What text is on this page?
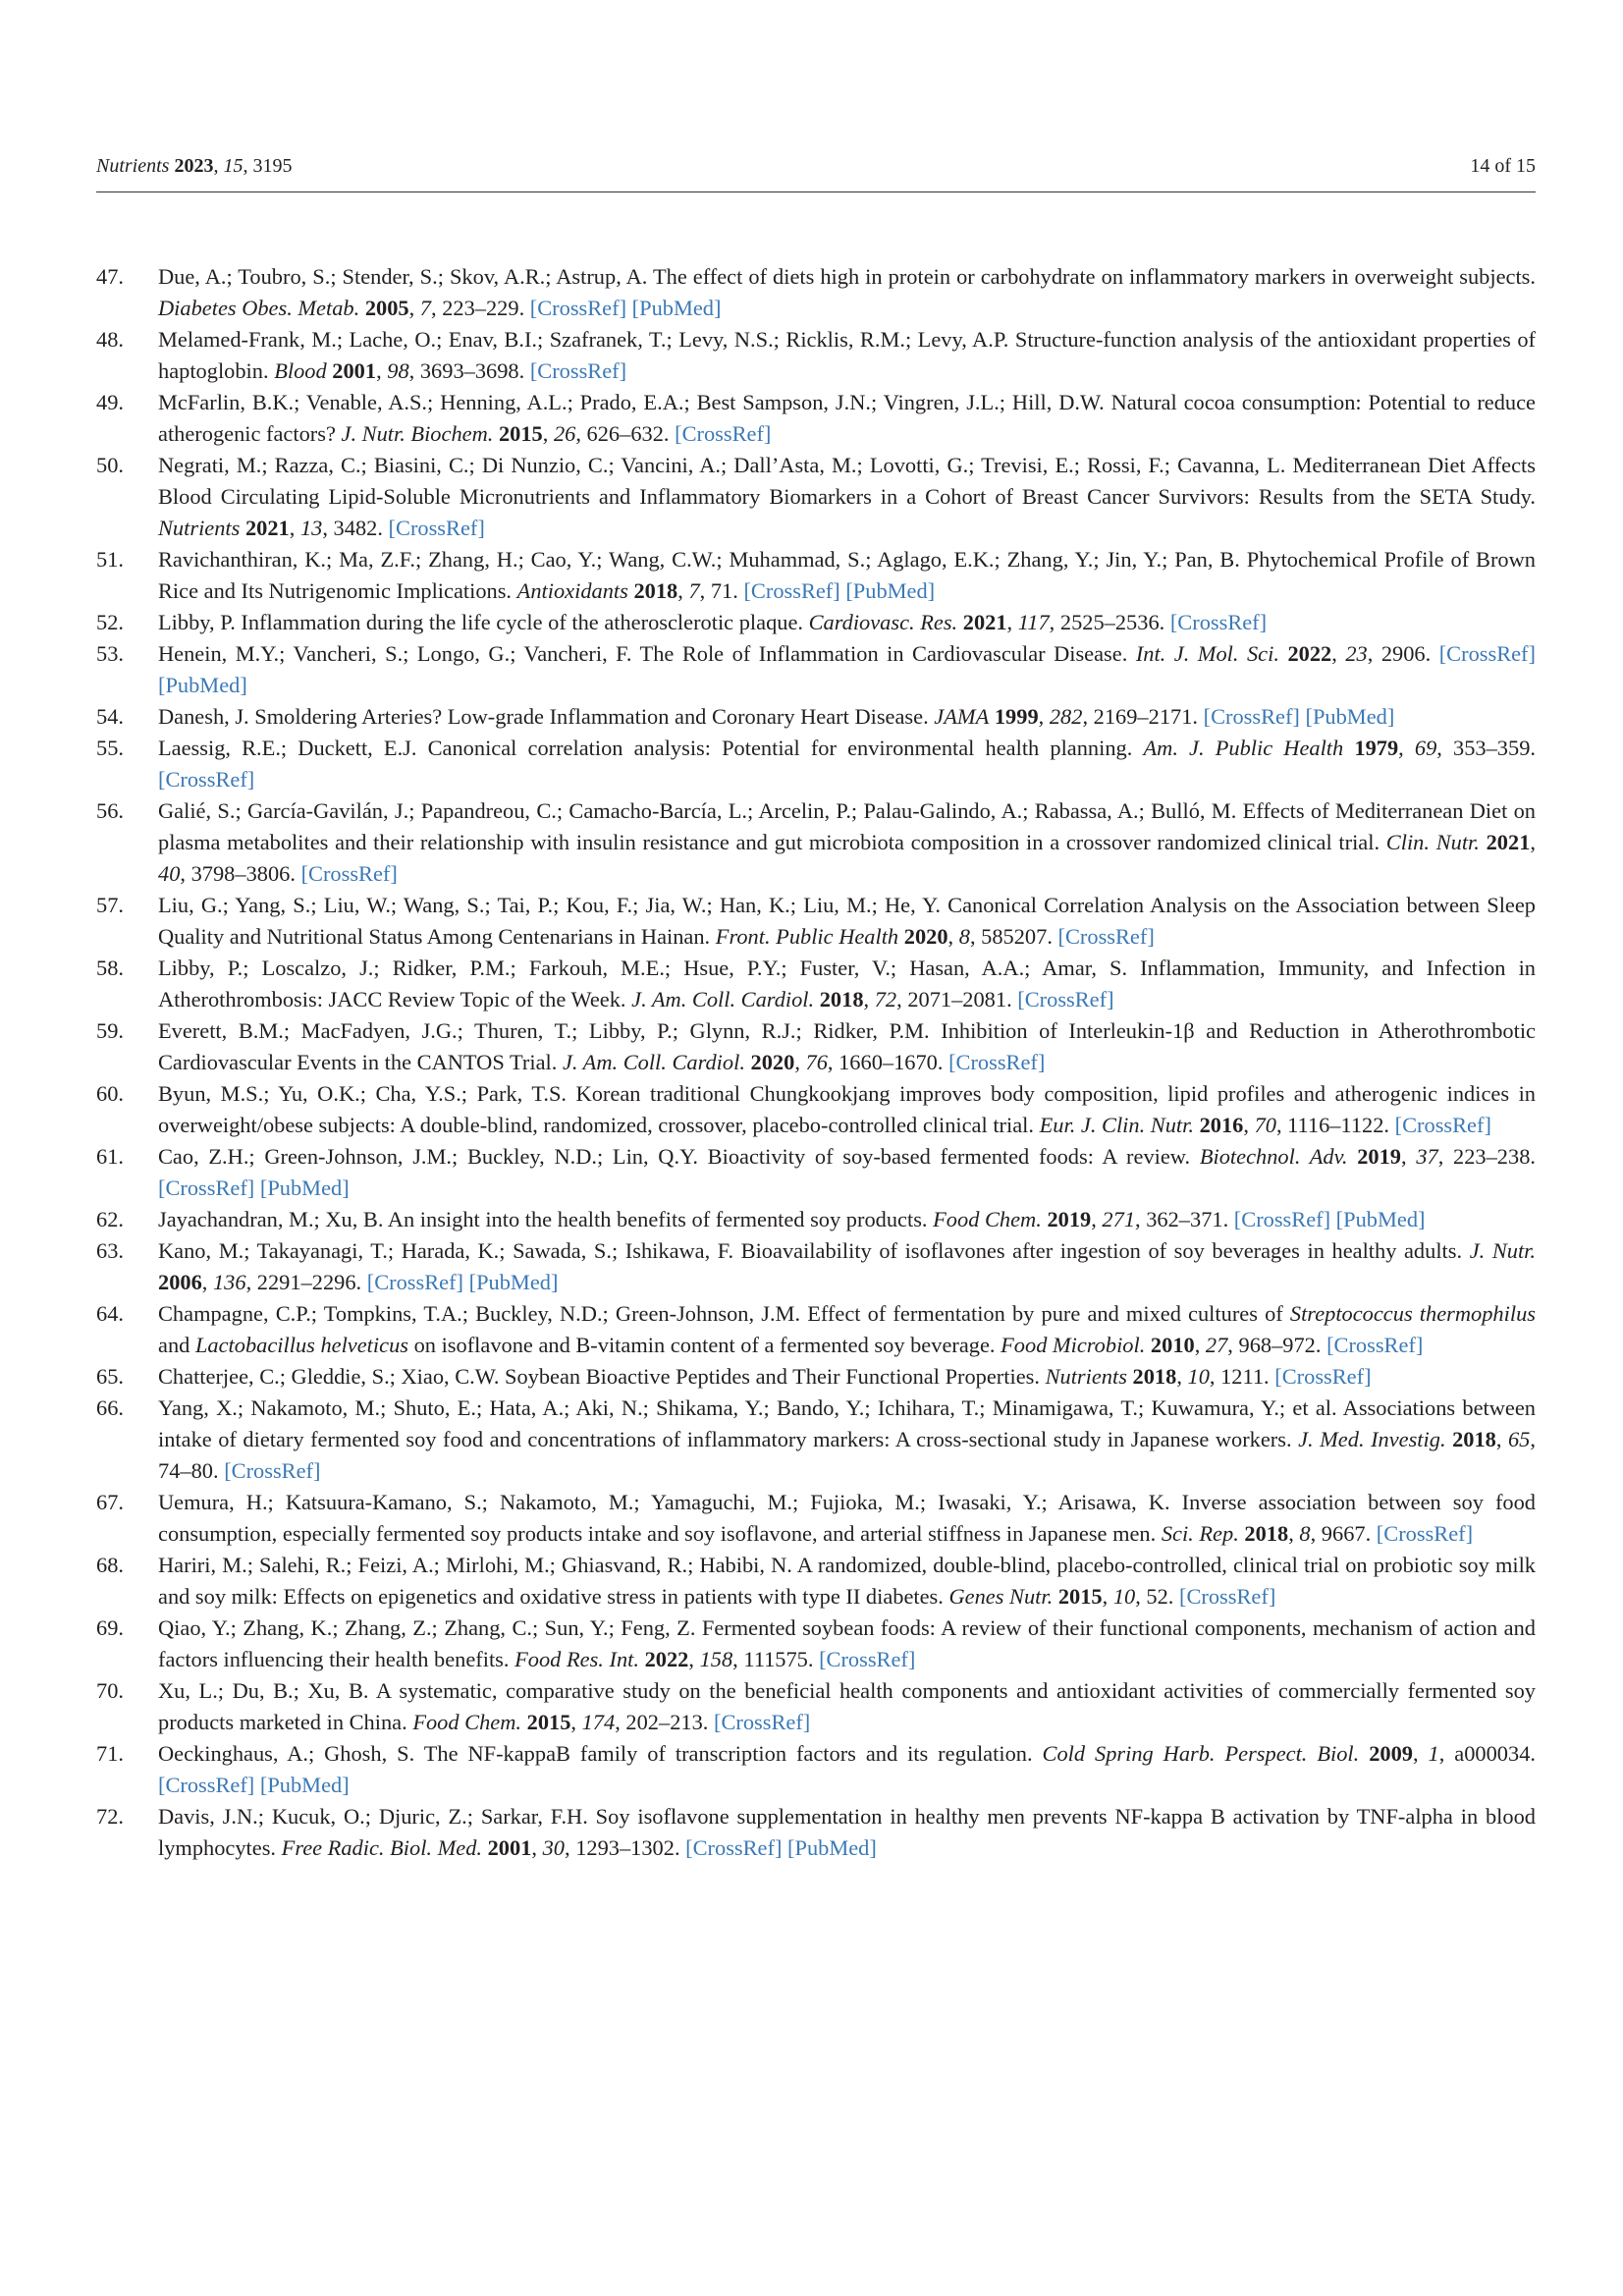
Nutrients 2023, 15, 3195	14 of 15
47. Due, A.; Toubro, S.; Stender, S.; Skov, A.R.; Astrup, A. The effect of diets high in protein or carbohydrate on inflammatory markers in overweight subjects. Diabetes Obes. Metab. 2005, 7, 223–229. [CrossRef] [PubMed]
48. Melamed-Frank, M.; Lache, O.; Enav, B.I.; Szafranek, T.; Levy, N.S.; Ricklis, R.M.; Levy, A.P. Structure-function analysis of the antioxidant properties of haptoglobin. Blood 2001, 98, 3693–3698. [CrossRef]
49. McFarlin, B.K.; Venable, A.S.; Henning, A.L.; Prado, E.A.; Best Sampson, J.N.; Vingren, J.L.; Hill, D.W. Natural cocoa consumption: Potential to reduce atherogenic factors? J. Nutr. Biochem. 2015, 26, 626–632. [CrossRef]
50. Negrati, M.; Razza, C.; Biasini, C.; Di Nunzio, C.; Vancini, A.; Dall’Asta, M.; Lovotti, G.; Trevisi, E.; Rossi, F.; Cavanna, L. Mediterranean Diet Affects Blood Circulating Lipid-Soluble Micronutrients and Inflammatory Biomarkers in a Cohort of Breast Cancer Survivors: Results from the SETA Study. Nutrients 2021, 13, 3482. [CrossRef]
51. Ravichanthiran, K.; Ma, Z.F.; Zhang, H.; Cao, Y.; Wang, C.W.; Muhammad, S.; Aglago, E.K.; Zhang, Y.; Jin, Y.; Pan, B. Phytochemical Profile of Brown Rice and Its Nutrigenomic Implications. Antioxidants 2018, 7, 71. [CrossRef] [PubMed]
52. Libby, P. Inflammation during the life cycle of the atherosclerotic plaque. Cardiovasc. Res. 2021, 117, 2525–2536. [CrossRef]
53. Henein, M.Y.; Vancheri, S.; Longo, G.; Vancheri, F. The Role of Inflammation in Cardiovascular Disease. Int. J. Mol. Sci. 2022, 23, 2906. [CrossRef] [PubMed]
54. Danesh, J. Smoldering Arteries? Low-grade Inflammation and Coronary Heart Disease. JAMA 1999, 282, 2169–2171. [CrossRef] [PubMed]
55. Laessig, R.E.; Duckett, E.J. Canonical correlation analysis: Potential for environmental health planning. Am. J. Public Health 1979, 69, 353–359. [CrossRef]
56. Galié, S.; García-Gavilán, J.; Papandreou, C.; Camacho-Barcía, L.; Arcelin, P.; Palau-Galindo, A.; Rabassa, A.; Bulló, M. Effects of Mediterranean Diet on plasma metabolites and their relationship with insulin resistance and gut microbiota composition in a crossover randomized clinical trial. Clin. Nutr. 2021, 40, 3798–3806. [CrossRef]
57. Liu, G.; Yang, S.; Liu, W.; Wang, S.; Tai, P.; Kou, F.; Jia, W.; Han, K.; Liu, M.; He, Y. Canonical Correlation Analysis on the Association between Sleep Quality and Nutritional Status Among Centenarians in Hainan. Front. Public Health 2020, 8, 585207. [CrossRef]
58. Libby, P.; Loscalzo, J.; Ridker, P.M.; Farkouh, M.E.; Hsue, P.Y.; Fuster, V.; Hasan, A.A.; Amar, S. Inflammation, Immunity, and Infection in Atherothrombosis: JACC Review Topic of the Week. J. Am. Coll. Cardiol. 2018, 72, 2071–2081. [CrossRef]
59. Everett, B.M.; MacFadyen, J.G.; Thuren, T.; Libby, P.; Glynn, R.J.; Ridker, P.M. Inhibition of Interleukin-1β and Reduction in Atherothrombotic Cardiovascular Events in the CANTOS Trial. J. Am. Coll. Cardiol. 2020, 76, 1660–1670. [CrossRef]
60. Byun, M.S.; Yu, O.K.; Cha, Y.S.; Park, T.S. Korean traditional Chungkookjang improves body composition, lipid profiles and atherogenic indices in overweight/obese subjects: A double-blind, randomized, crossover, placebo-controlled clinical trial. Eur. J. Clin. Nutr. 2016, 70, 1116–1122. [CrossRef]
61. Cao, Z.H.; Green-Johnson, J.M.; Buckley, N.D.; Lin, Q.Y. Bioactivity of soy-based fermented foods: A review. Biotechnol. Adv. 2019, 37, 223–238. [CrossRef] [PubMed]
62. Jayachandran, M.; Xu, B. An insight into the health benefits of fermented soy products. Food Chem. 2019, 271, 362–371. [CrossRef] [PubMed]
63. Kano, M.; Takayanagi, T.; Harada, K.; Sawada, S.; Ishikawa, F. Bioavailability of isoflavones after ingestion of soy beverages in healthy adults. J. Nutr. 2006, 136, 2291–2296. [CrossRef] [PubMed]
64. Champagne, C.P.; Tompkins, T.A.; Buckley, N.D.; Green-Johnson, J.M. Effect of fermentation by pure and mixed cultures of Streptococcus thermophilus and Lactobacillus helveticus on isoflavone and B-vitamin content of a fermented soy beverage. Food Microbiol. 2010, 27, 968–972. [CrossRef]
65. Chatterjee, C.; Gleddie, S.; Xiao, C.W. Soybean Bioactive Peptides and Their Functional Properties. Nutrients 2018, 10, 1211. [CrossRef]
66. Yang, X.; Nakamoto, M.; Shuto, E.; Hata, A.; Aki, N.; Shikama, Y.; Bando, Y.; Ichihara, T.; Minamigawa, T.; Kuwamura, Y.; et al. Associations between intake of dietary fermented soy food and concentrations of inflammatory markers: A cross-sectional study in Japanese workers. J. Med. Investig. 2018, 65, 74–80. [CrossRef]
67. Uemura, H.; Katsuura-Kamano, S.; Nakamoto, M.; Yamaguchi, M.; Fujioka, M.; Iwasaki, Y.; Arisawa, K. Inverse association between soy food consumption, especially fermented soy products intake and soy isoflavone, and arterial stiffness in Japanese men. Sci. Rep. 2018, 8, 9667. [CrossRef]
68. Hariri, M.; Salehi, R.; Feizi, A.; Mirlohi, M.; Ghiasvand, R.; Habibi, N. A randomized, double-blind, placebo-controlled, clinical trial on probiotic soy milk and soy milk: Effects on epigenetics and oxidative stress in patients with type II diabetes. Genes Nutr. 2015, 10, 52. [CrossRef]
69. Qiao, Y.; Zhang, K.; Zhang, Z.; Zhang, C.; Sun, Y.; Feng, Z. Fermented soybean foods: A review of their functional components, mechanism of action and factors influencing their health benefits. Food Res. Int. 2022, 158, 111575. [CrossRef]
70. Xu, L.; Du, B.; Xu, B. A systematic, comparative study on the beneficial health components and antioxidant activities of commercially fermented soy products marketed in China. Food Chem. 2015, 174, 202–213. [CrossRef]
71. Oeckinghaus, A.; Ghosh, S. The NF-kappaB family of transcription factors and its regulation. Cold Spring Harb. Perspect. Biol. 2009, 1, a000034. [CrossRef] [PubMed]
72. Davis, J.N.; Kucuk, O.; Djuric, Z.; Sarkar, F.H. Soy isoflavone supplementation in healthy men prevents NF-kappa B activation by TNF-alpha in blood lymphocytes. Free Radic. Biol. Med. 2001, 30, 1293–1302. [CrossRef] [PubMed]
